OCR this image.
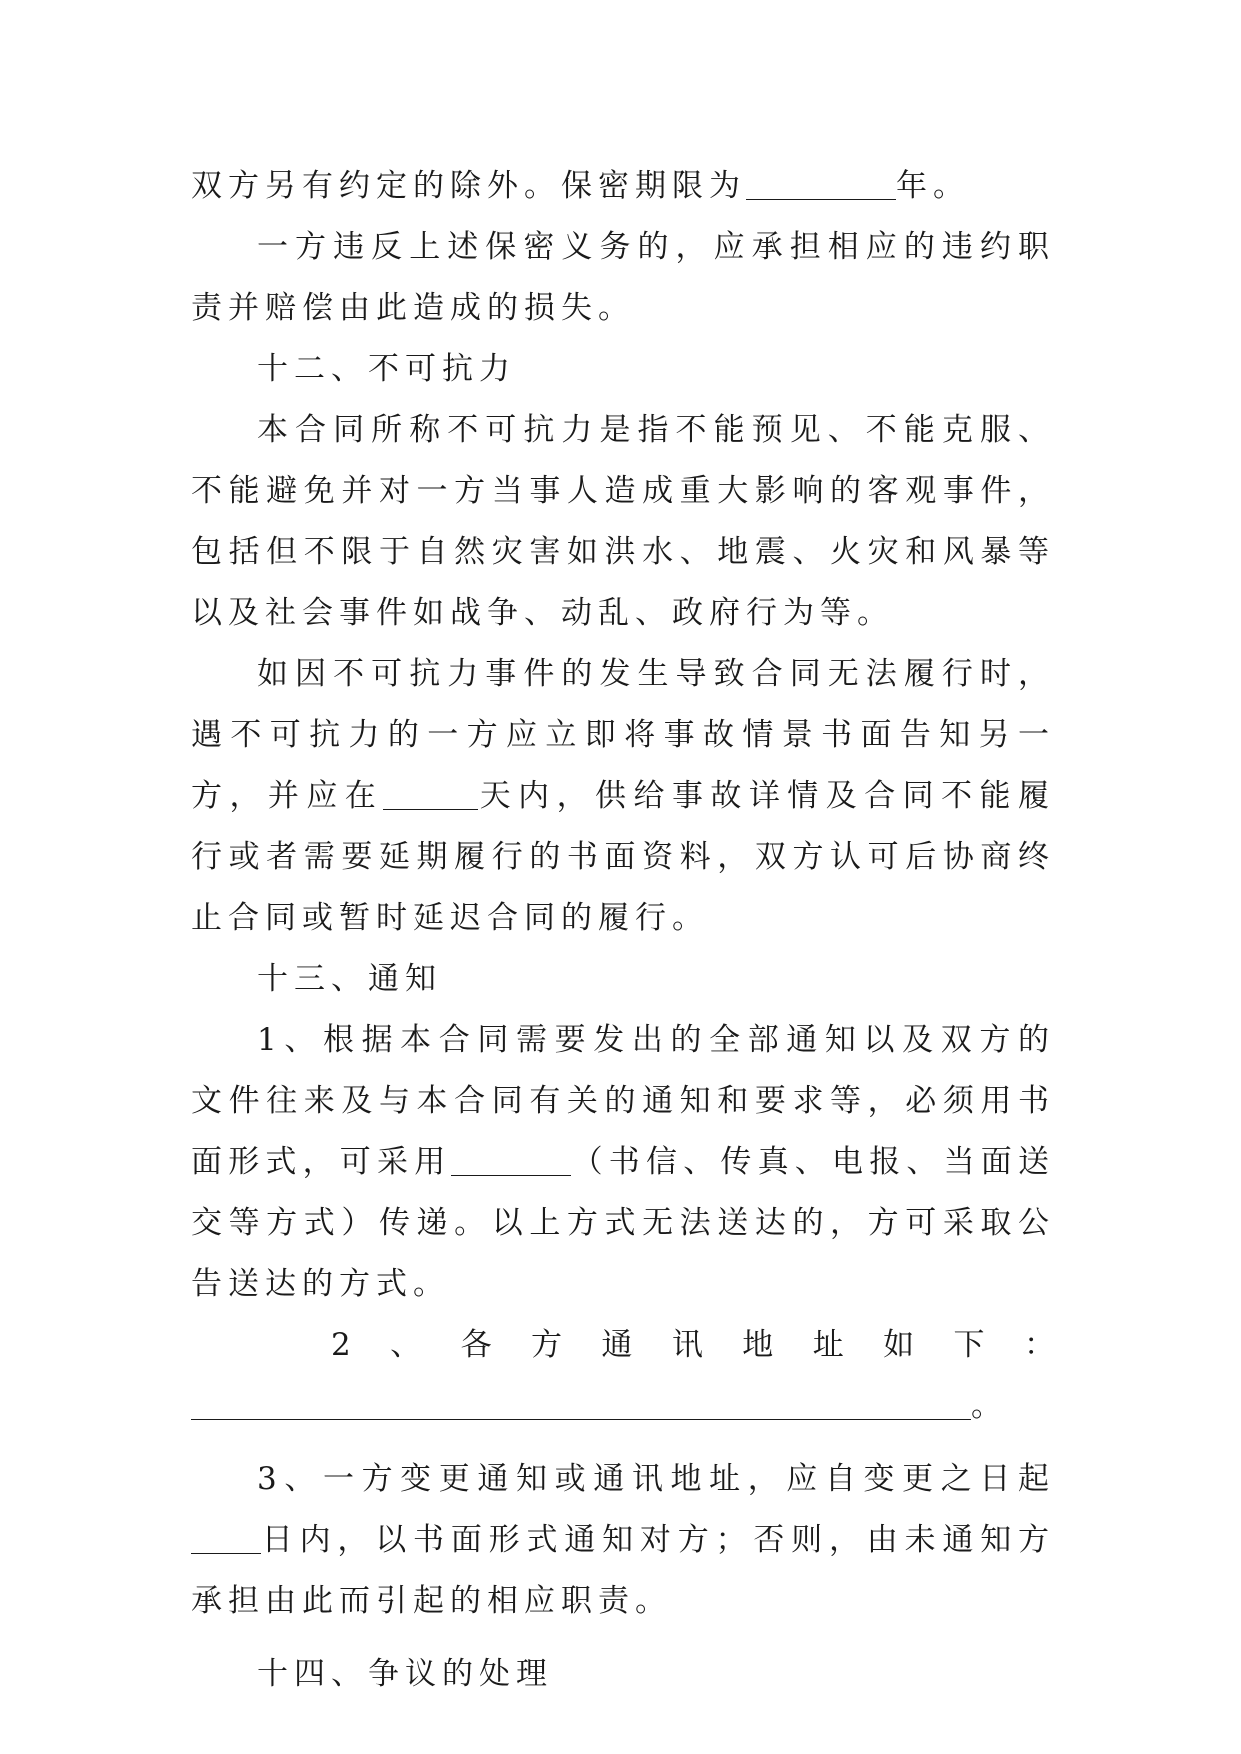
双方另有约定的除外。保密期限为	年。

一方违反上述保密义务的，应承担相应的违约职责并赔偿由此造成的损失。

十二、不可抗力

本合同所称不可抗力是指不能预见、不能克服、不能避免并对一方当事人造成重大影响的客观事件，包括但不限于自然灾害如洪水、地震、火灾和风暴等以及社会事件如战争、动乱、政府行为等。

如因不可抗力事件的发生导致合同无法履行时，遇不可抗力的一方应立即将事故情景书面告知另一方，并应在	天内，供给事故详情及合同不能履行或者需要延期履行的书面资料，双方认可后协商终止合同或暂时延迟合同的履行。

十三、通知

1、根据本合同需要发出的全部通知以及双方的文件往来及与本合同有关的通知和要求等，必须用书面形式，可采用	（书信、传真、电报、当面送交等方式）传递。以上方式无法送达的，方可采取公告送达的方式。

2 、 各 方 通 讯 地 址 如 下 ：

。

3、一方变更通知或通讯地址，应自变更之日起日内，以书面形式通知对方；否则，由未通知方承担由此而引起的相应职责。

十四、争议的处理
